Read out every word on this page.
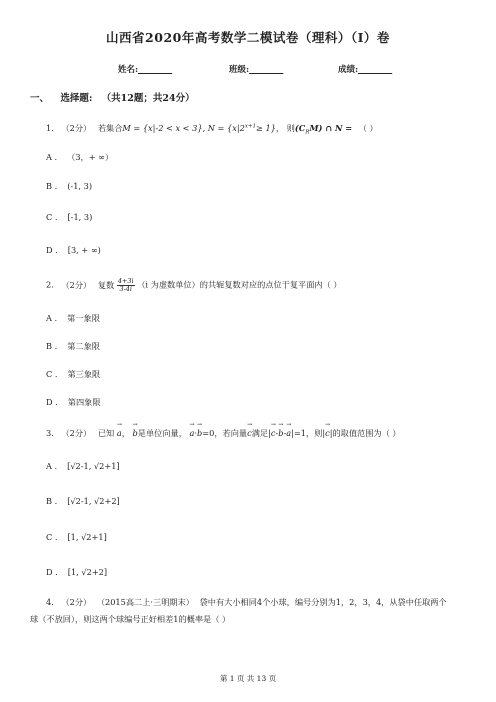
山西省2020年高考数学二模试卷（理科）（I）卷
姓名:________	班级:________	成绩:________
一、 选择题: （共12题；共24分）
1. （2分） 若集合M = {x|-2 < x < 3}, $N = \{x|2^{x+1}\ge 1\}$， 则$(C_RM)$ ∩ N = （ ）
A . （3，+ ∞）
B . (-1, 3)
C . [-1, 3)
D . [3, + ∞)
2. （2分） 复数 $\frac{4+3i}{3-4i} (i$ 为虚数单位）的共轭复数对应的点位于复平面内（ ）
A . 第一象限
B . 第二象限
C . 第三象限
D . 第四象限
3. （2分） 已知 → a， → b是单位向量， → a·→ b=0，若向量→ c满足|→ c-→ b-→ a|=1，则|→ c|的取值范围为（ ）
A . [√2-1, √2+1]
B . [√2-1, √2+2]
C . [1, √2+1]
D . [1, √2+2]
4. （2分） （2015高二上·三明期末） 袋中有大小相同4个小球，编号分别为1，2，3，4，从袋中任取两个
球（不放回），则这两个球编号正好相差1的概率是（ ）
第 1 页 共 13 页
